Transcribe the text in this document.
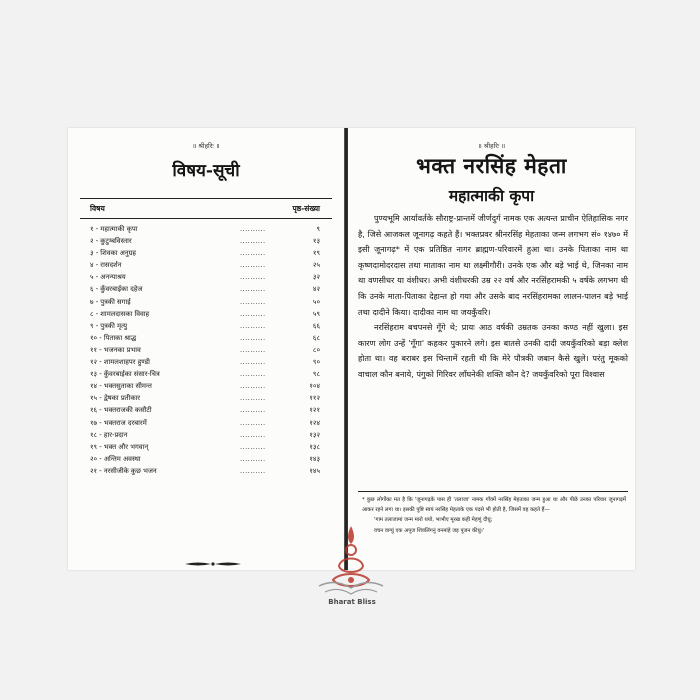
॥ श्रीहरिः ॥
विषय-सूची
विषय	पृष्ठ-संख्या
१ - महात्माकी कृपा	..........	९
२ - कुटुम्बविस्तार	..........	१३
३ - शिवका अनुग्रह	..........	१९
४ - रासदर्शन	..........	२५
५ - अनन्याश्रय	..........	३२
६ - कुँवरबाईका दहेज	..........	४२
७ - पुत्रकी सगाई	..........	५०
८ - शामलदासका विवाह	..........	५९
९ - पुत्रकी मृत्यु	..........	६६
१० - पिताका श्राद्ध	..........	६८
११ - भजनका प्रभाव	..........	८०
१२ - शामलशाहपर हुण्डी	..........	९०
१३ - कुँवरबाईका संसार-चित्र	..........	९८
१४ - भक्तसुताका सीमन्त	..........	१०४
१५ - द्वेषका प्रतीकार	..........	११२
१६ - भक्तराजकी कसौटी	..........	१२१
१७ - भक्तराज दरबारमें	..........	१२४
१८ - हार-प्रदान	..........	१३२
१९ - भक्त और भगवान्	..........	१३८
२० - अन्तिम अवस्था	..........	१४३
२१ - नरसीजीके कुछ भजन	..........	१४५
॥ श्रीहरिः ॥
भक्त नरसिंह मेहता
महात्माकी कृपा

पुण्यभूमि आर्यावर्तके सौराष्ट्र-प्रान्तमें जीर्णदुर्ग नामक एक अत्यन्त प्राचीन ऐतिहासिक नगर है, जिसे आजकल जूनागढ़ कहते हैं। भक्तप्रवर श्रीनरसिंह मेहताका जन्म लगभग सं० १४७० में इसी जूनागढ़* में एक प्रतिष्ठित नागर ब्राह्मण-परिवारमें हुआ था। उनके पिताका नाम था कृष्णदामोदरदास तथा माताका नाम था लक्ष्मीगौरी। उनके एक और बड़े भाई थे, जिनका नाम था वणसीधर या वंशीधर। अभी वंशीधरकी उम्र २२ वर्ष और नरसिंहरामकी ५ वर्षके लगभग थी कि उनके माता-पिताका देहान्त हो गया और उसके बाद नरसिंहरामका लालन-पालन बड़े भाई तथा दादीने किया। दादीका नाम था जयकुँवरि।

नरसिंहराम बचपनसे गूँगे थे; प्रायः आठ वर्षकी उम्रतक उनका कण्ठ नहीं खुला। इस कारण लोग उन्हें 'गूँगा' कहकर पुकारने लगे। इस बातसे उनकी दादी जयकुँवरिको बड़ा क्लेश होता था। वह बराबर इस चिन्तामें रहती थी कि मेरे पौत्रकी जबान कैसे खुले। परंतु मूकको वाचाल कौन बनाये, पंगुको गिरिवर लाँघनेकी शक्ति कौन दे? जयकुँवरिको पूरा विश्वास

* कुछ लोगोंका मत है कि 'जूनागढ़के पास ही 'तलाजा' नामक गाँवमें नरसिंह मेहताका जन्म हुआ था और पीछे उनका परिवार जूनागढ़में आकर रहने लगा था। इसकी पुष्टि स्वयं नरसिंह मेहताके एक पदसे भी होती है, जिसमें वह कहते हैं—

'गाम तलाजामां जन्म मारो थयो, भाभीए मूरख कही मेहणुं दीधुं;

वचन वाग्युं एक अपूज शिवलिंगनुं वनमांहे जइ पूजन कीधुं।'

Bharat Bliss
